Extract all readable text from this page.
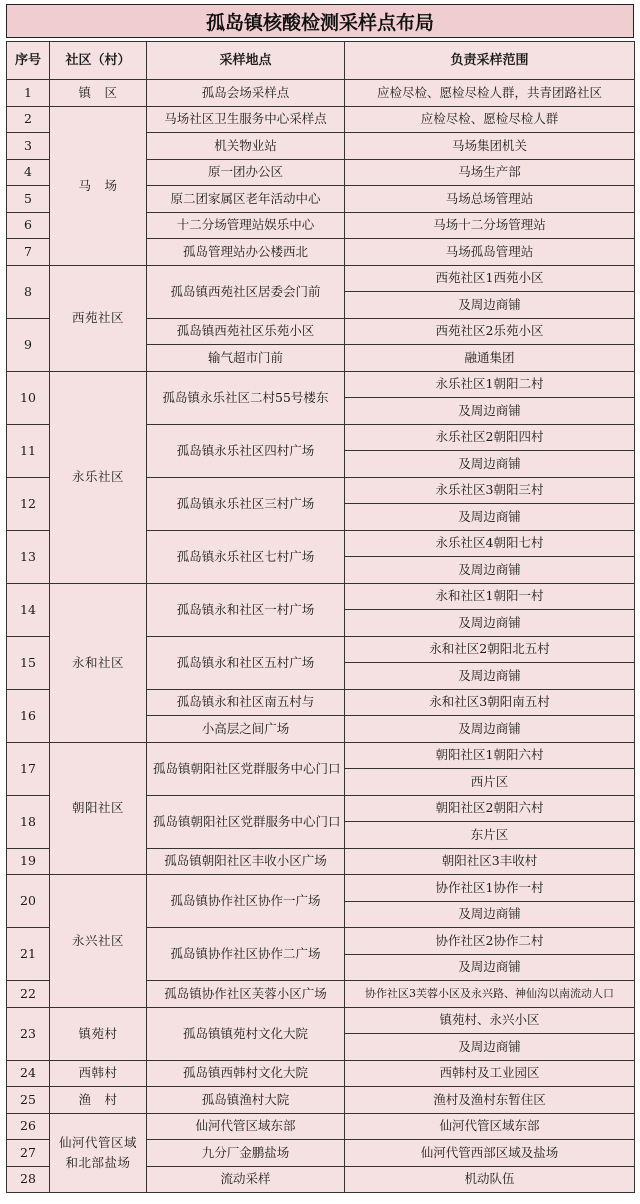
孤岛镇核酸检测采样点布局
序号	社区（村）	采样地点	负责采样范围
1	镇　区	孤岛会场采样点	应检尽检、愿检尽检人群，共青团路社区
2	马　场	马场社区卫生服务中心采样点	应检尽检、愿检尽检人群
3		机关物业站	马场集团机关
4		原一团办公区	马场生产部
5		原二团家属区老年活动中心	马场总场管理站
6		十二分场管理站娱乐中心	马场十二分场管理站
7		孤岛管理站办公楼西北	马场孤岛管理站
8	西苑社区	孤岛镇西苑社区居委会门前	西苑社区1西苑小区
			及周边商铺
9		孤岛镇西苑社区乐苑小区	西苑社区2乐苑小区
		输气超市门前	融通集团
10	永乐社区	孤岛镇永乐社区二村55号楼东	永乐社区1朝阳二村
			及周边商铺
11		孤岛镇永乐社区四村广场	永乐社区2朝阳四村
			及周边商铺
12		孤岛镇永乐社区三村广场	永乐社区3朝阳三村
			及周边商铺
13		孤岛镇永乐社区七村广场	永乐社区4朝阳七村
			及周边商铺
14	永和社区	孤岛镇永和社区一村广场	永和社区1朝阳一村
			及周边商铺
15		孤岛镇永和社区五村广场	永和社区2朝阳北五村
			及周边商铺
16		孤岛镇永和社区南五村与	永和社区3朝阳南五村
		小高层之间广场	及周边商铺
17	朝阳社区	孤岛镇朝阳社区党群服务中心门口	朝阳社区1朝阳六村
			西片区
18		孤岛镇朝阳社区党群服务中心门口	朝阳社区2朝阳六村
			东片区
19		孤岛镇朝阳社区丰收小区广场	朝阳社区3丰收村
20	永兴社区	孤岛镇协作社区协作一广场	协作社区1协作一村
			及周边商铺
21		孤岛镇协作社区协作二广场	协作社区2协作二村
			及周边商铺
22		孤岛镇协作社区芙蓉小区广场	协作社区3芙蓉小区及永兴路、神仙沟以南流动人口
23	镇苑村	孤岛镇镇苑村文化大院	镇苑村、永兴小区
			及周边商铺
24	西韩村	孤岛镇西韩村文化大院	西韩村及工业园区
25	渔　村	孤岛镇渔村大院	渔村及渔村东暂住区
26	仙河代管区域和北部盐场	仙河代管区域东部	仙河代管区域东部
27		九分厂金鹏盐场	仙河代管西部区域及盐场
28		流动采样	机动队伍
